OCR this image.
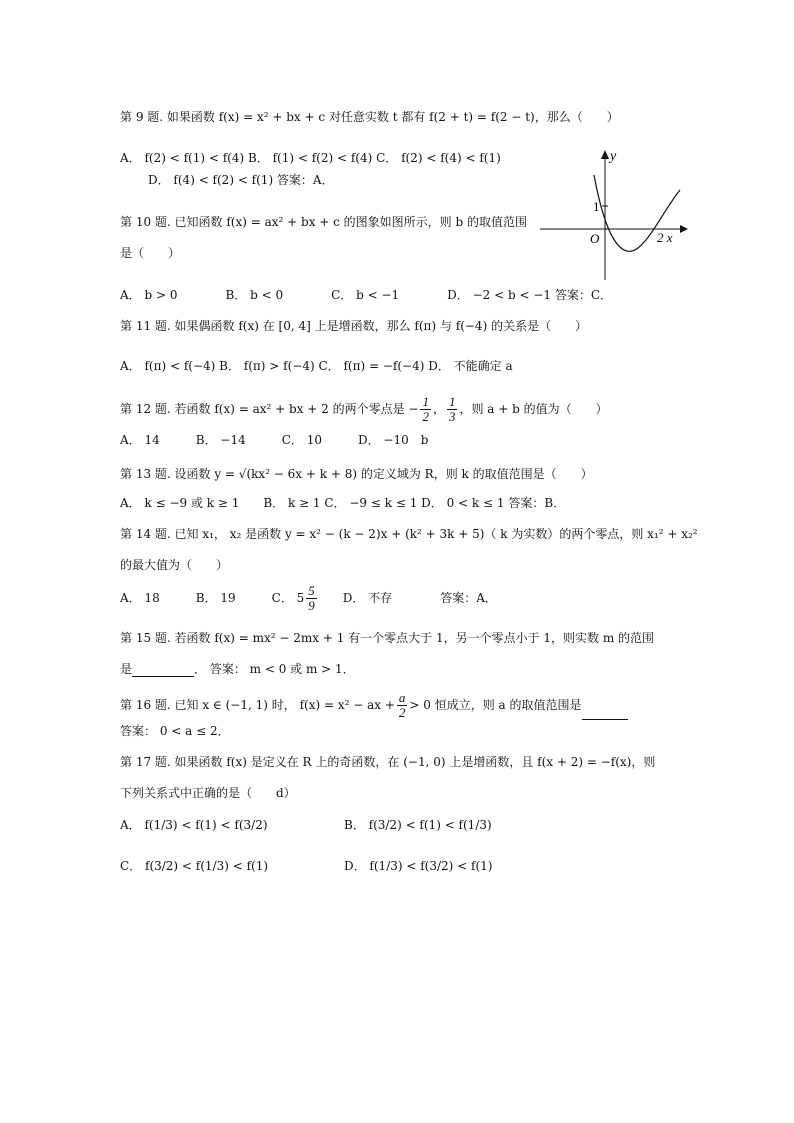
第 9 题. 如果函数 f(x) = x² + bx + c 对任意实数 t 都有 f(2 + t) = f(2 − t)，那么（　　）
A． f(2) < f(1) < f(4) B． f(1) < f(2) < f(4) C． f(2) < f(4) < f(1)
D． f(4) < f(2) < f(1) 答案：A．
第 10 题. 已知函数 f(x) = ax² + bx + c 的图象如图所示，则 b 的取值范围
是（　　）
A． b > 0　　　　B． b < 0　　　　C． b < −1　　　　D． −2 < b < −1 答案：C．
y
1
O	2 x
第 11 题. 如果偶函数 f(x) 在 [0, 4] 上是增函数，那么 f(π) 与 f(−4) 的关系是（　　）
A． f(π) < f(−4) B． f(π) > f(−4) C． f(π) = −f(−4) D． 不能确定 a
第 12 题. 若函数 f(x) = ax² + bx + 2 的两个零点是 − $\frac{1}{2}$ ， $\frac{1}{3}$ ，则 a + b 的值为（　　）
A． 14　　　B． −14　　　C． 10　　　D． −10　b
第 13 题. 设函数 y = √(kx² − 6x + k + 8) 的定义域为 R，则 k 的取值范围是（　　）
A． k ≤ −9 或 k ≥ 1　　B． k ≥ 1 C． −9 ≤ k ≤ 1 D． 0 < k ≤ 1 答案：B．
第 14 题. 已知 x₁， x₂ 是函数 y = x² − (k − 2)x + (k² + 3k + 5)（ k 为实数）的两个零点，则 x₁² + x₂²
的最大值为（　　）
A． 18　　　B． 19　　　C． $5 \frac{5}{9}$ 　　D． 不存　　　　答案：A．
第 15 题. 若函数 f(x) = mx² − 2mx + 1 有一个零点大于 1，另一个零点小于 1，则实数 m 的范围
是	． 答案： m < 0 或 m > 1．
第 16 题. 已知 x ∈ (−1, 1) 时， f(x) = x² − ax + $\frac{a}{2} > 0$ 恒成立，则 a 的取值范围是
答案： 0 < a ≤ 2．
第 17 题. 如果函数 f(x) 是定义在 R 上的奇函数，在 (−1, 0) 上是增函数，且 f(x + 2) = −f(x)，则
下列关系式中正确的是（　　d）
A． f(1/3) < f(1) < f(3/2)	B． f(3/2) < f(1) < f(1/3)
C． f(3/2) < f(1/3) < f(1)	D． f(1/3) < f(3/2) < f(1)
